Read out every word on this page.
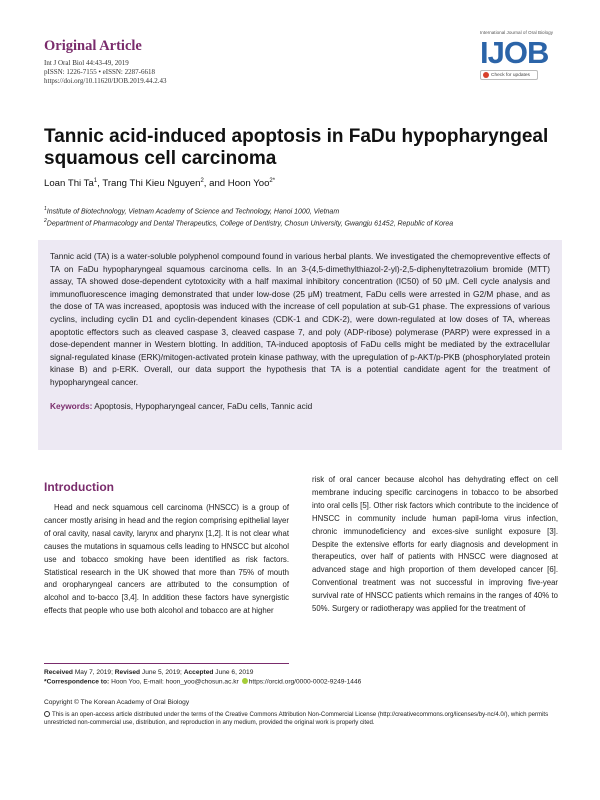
Original Article
Int J Oral Biol 44:43-49, 2019
pISSN: 1226-7155 • eISSN: 2287-6618
https://doi.org/10.11620/IJOB.2019.44.2.43
International Journal of Oral Biology
IJOB
Check for updates
Tannic acid-induced apoptosis in FaDu hypopharyngeal squamous cell carcinoma
Loan Thi Ta$^1$, Trang Thi Kieu Nguyen$^2$, and Hoon Yoo$^{2*}$
$^1$Institute of Biotechnology, Vietnam Academy of Science and Technology, Hanoi 1000, Vietnam
$^2$Department of Pharmacology and Dental Therapeutics, College of Dentistry, Chosun University, Gwangju 61452, Republic of Korea

Tannic acid (TA) is a water-soluble polyphenol compound found in various herbal plants. We investigated the chemopreventive effects of TA on FaDu hypopharyngeal squamous carcinoma cells. In an 3-(4,5-dimethylthiazol-2-yl)-2,5-diphenyltetrazolium bromide (MTT) assay, TA showed dose-dependent cytotoxicity with a half maximal inhibitory concentration (IC50) of 50 μM. Cell cycle analysis and immunofluorescence imaging demonstrated that under low-dose (25 μM) treatment, FaDu cells were arrested in G2/M phase, and as the dose of TA was increased, apoptosis was induced with the increase of cell population at sub-G1 phase. The expressions of various cyclins, including cyclin D1 and cyclin-dependent kinases (CDK-1 and CDK-2), were down-regulated at low doses of TA, whereas apoptotic effectors such as cleaved caspase 3, cleaved caspase 7, and poly (ADP-ribose) polymerase (PARP) were expressed in a dose-dependent manner in Western blotting. In addition, TA-induced apoptosis of FaDu cells might be mediated by the extracellular signal-regulated kinase (ERK)/mitogen-activated protein kinase pathway, with the upregulation of p-AKT/p-PKB (phosphorylated protein kinase B) and p-ERK. Overall, our data support the hypothesis that TA is a potential candidate agent for the treatment of hypopharyngeal cancer.

Keywords: Apoptosis, Hypopharyngeal cancer, FaDu cells, Tannic acid

Introduction

Head and neck squamous cell carcinoma (HNSCC) is a group of cancer mostly arising in head and the region comprising epithelial layer of oral cavity, nasal cavity, larynx and pharynx [1,2]. It is not clear what causes the mutations in squamous cells leading to HNSCC but alcohol use and tobacco smoking have been identified as risk factors. Statistical research in the UK showed that more than 75% of mouth and oropharyngeal cancers are attributed to the consumption of alcohol and to-bacco [3,4]. In addition these factors have synergistic effects that people who use both alcohol and tobacco are at higher

risk of oral cancer because alcohol has dehydrating effect on cell membrane inducing specific carcinogens in tobacco to be absorbed into oral cells [5]. Other risk factors which contribute to the incidence of HNSCC in community include human papil-loma virus infection, chronic immunodeficiency and exces-sive sunlight exposure [3]. Despite the extensive efforts for early diagnosis and development in therapeutics, over half of patients with HNSCC were diagnosed at advanced stage and high proportion of them developed cancer [6]. Conventional treatment was not successful in improving five-year survival rate of HNSCC patients which remains in the ranges of 40% to 50%. Surgery or radiotherapy was applied for the treatment of

Received May 7, 2019; Revised June 5, 2019; Accepted June 6, 2019
*Correspondence to: Hoon Yoo, E-mail: hoon_yoo@chosun.ac.kr https://orcid.org/0000-0002-9249-1446
Copyright © The Korean Academy of Oral Biology
This is an open-access article distributed under the terms of the Creative Commons Attribution Non-Commercial License (http://creativecommons.org/licenses/by-nc/4.0/), which permits unrestricted non-commercial use, distribution, and reproduction in any medium, provided the original work is properly cited.
